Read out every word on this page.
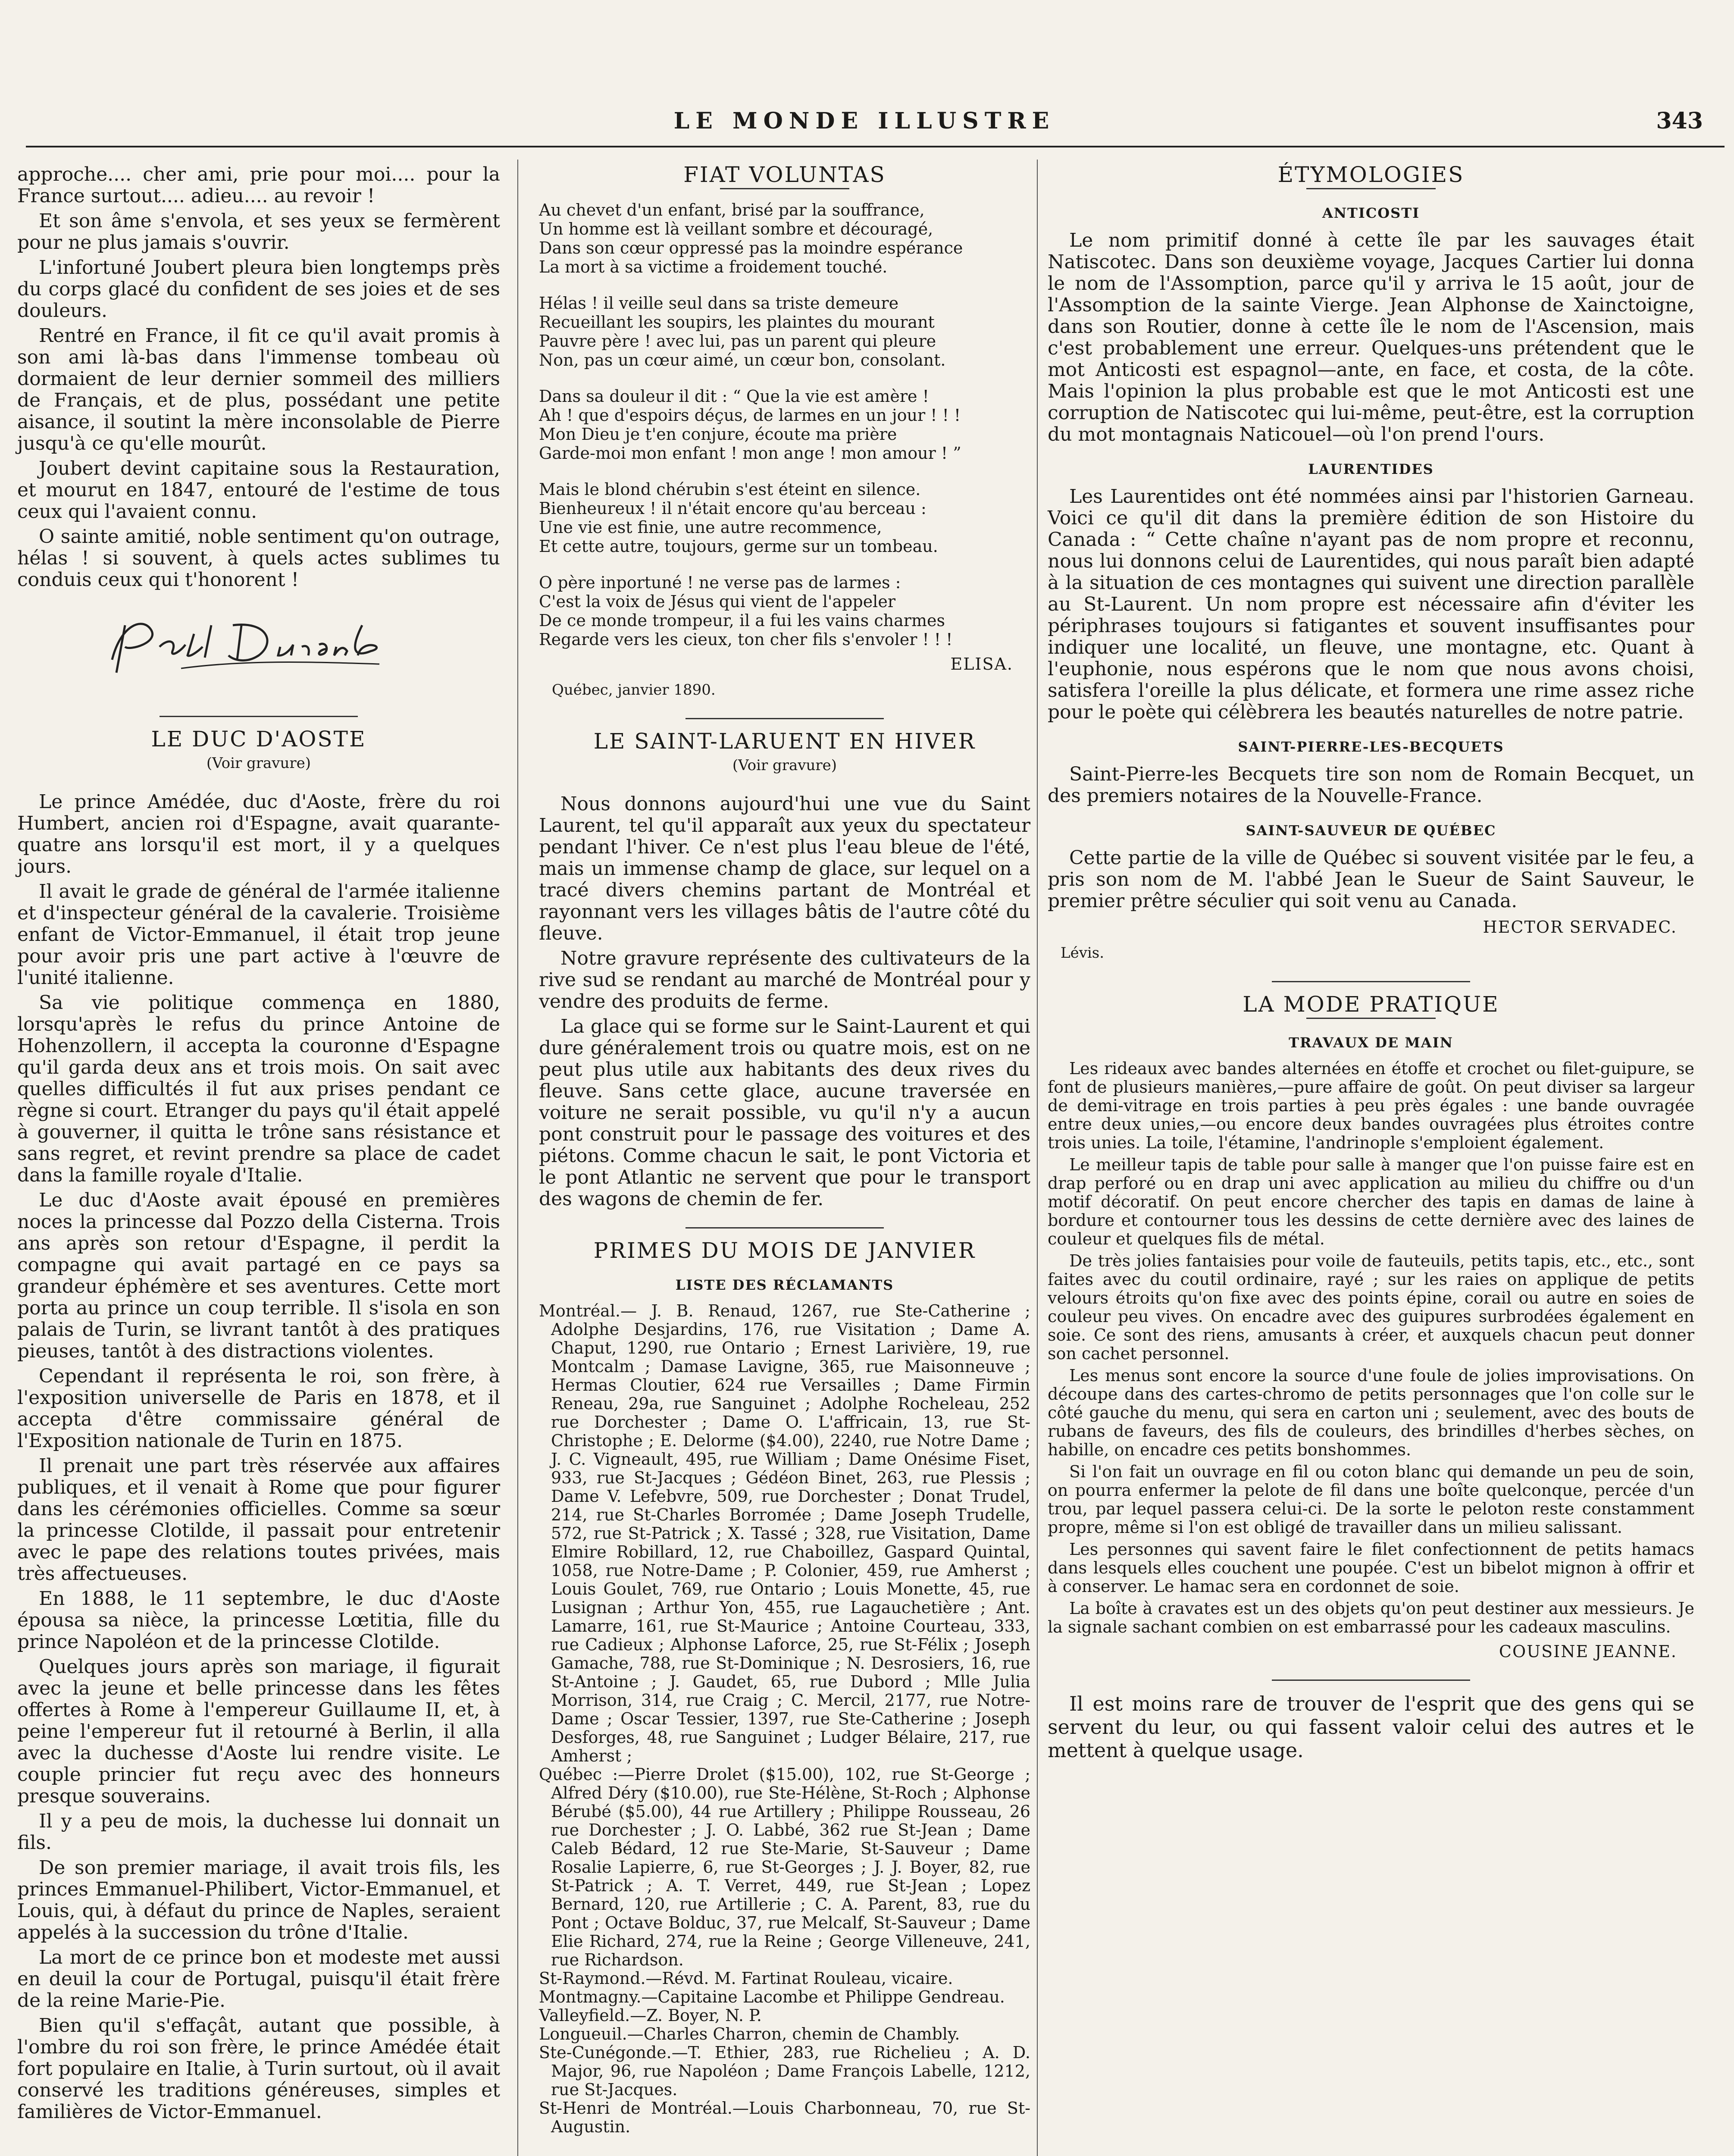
LE MONDE ILLUSTRE	343

approche.... cher ami, prie pour moi.... pour la France surtout.... adieu.... au revoir !

Et son âme s'envola, et ses yeux se fermèrent pour ne plus jamais s'ouvrir.

L'infortuné Joubert pleura bien longtemps près du corps glacé du confident de ses joies et de ses douleurs.

Rentré en France, il fit ce qu'il avait promis à son ami là-bas dans l'immense tombeau où dormaient de leur dernier sommeil des milliers de Français, et de plus, possédant une petite aisance, il soutint la mère inconsolable de Pierre jusqu'à ce qu'elle mourût.

Joubert devint capitaine sous la Restauration, et mourut en 1847, entouré de l'estime de tous ceux qui l'avaient connu.

O sainte amitié, noble sentiment qu'on outrage, hélas ! si souvent, à quels actes sublimes tu conduis ceux qui t'honorent !

LE DUC D'AOSTE
(Voir gravure)

Le prince Amédée, duc d'Aoste, frère du roi Humbert, ancien roi d'Espagne, avait quarante-quatre ans lorsqu'il est mort, il y a quelques jours.

Il avait le grade de général de l'armée italienne et d'inspecteur général de la cavalerie. Troisième enfant de Victor-Emmanuel, il était trop jeune pour avoir pris une part active à l'œuvre de l'unité italienne.

Sa vie politique commença en 1880, lorsqu'après le refus du prince Antoine de Hohenzollern, il accepta la couronne d'Espagne qu'il garda deux ans et trois mois. On sait avec quelles difficultés il fut aux prises pendant ce règne si court. Etranger du pays qu'il était appelé à gouverner, il quitta le trône sans résistance et sans regret, et revint prendre sa place de cadet dans la famille royale d'Italie.

Le duc d'Aoste avait épousé en premières noces la princesse dal Pozzo della Cisterna. Trois ans après son retour d'Espagne, il perdit la compagne qui avait partagé en ce pays sa grandeur éphémère et ses aventures. Cette mort porta au prince un coup terrible. Il s'isola en son palais de Turin, se livrant tantôt à des pratiques pieuses, tantôt à des distractions violentes.

Cependant il représenta le roi, son frère, à l'exposition universelle de Paris en 1878, et il accepta d'être commissaire général de l'Exposition nationale de Turin en 1875.

Il prenait une part très réservée aux affaires publiques, et il venait à Rome que pour figurer dans les cérémonies officielles. Comme sa sœur la princesse Clotilde, il passait pour entretenir avec le pape des relations toutes privées, mais très affectueuses.

En 1888, le 11 septembre, le duc d'Aoste épousa sa nièce, la princesse Lœtitia, fille du prince Napoléon et de la princesse Clotilde.

Quelques jours après son mariage, il figurait avec la jeune et belle princesse dans les fêtes offertes à Rome à l'empereur Guillaume II, et, à peine l'empereur fut il retourné à Berlin, il alla avec la duchesse d'Aoste lui rendre visite. Le couple princier fut reçu avec des honneurs presque souverains.

Il y a peu de mois, la duchesse lui donnait un fils.

De son premier mariage, il avait trois fils, les princes Emmanuel-Philibert, Victor-Emmanuel, et Louis, qui, à défaut du prince de Naples, seraient appelés à la succession du trône d'Italie.

La mort de ce prince bon et modeste met aussi en deuil la cour de Portugal, puisqu'il était frère de la reine Marie-Pie.

Bien qu'il s'effaçât, autant que possible, à l'ombre du roi son frère, le prince Amédée était fort populaire en Italie, à Turin surtout, où il avait conservé les traditions généreuses, simples et familières de Victor-Emmanuel.

FIAT VOLUNTAS
Au chevet d'un enfant, brisé par la souffrance,
Un homme est là veillant sombre et découragé,
Dans son cœur oppressé pas la moindre espérance
La mort à sa victime a froidement touché.
Hélas ! il veille seul dans sa triste demeure
Recueillant les soupirs, les plaintes du mourant
Pauvre père ! avec lui, pas un parent qui pleure
Non, pas un cœur aimé, un cœur bon, consolant.
Dans sa douleur il dit : “ Que la vie est amère !
Ah ! que d'espoirs déçus, de larmes en un jour ! ! !
Mon Dieu je t'en conjure, écoute ma prière
Garde-moi mon enfant ! mon ange ! mon amour ! ”
Mais le blond chérubin s'est éteint en silence.
Bienheureux ! il n'était encore qu'au berceau :
Une vie est finie, une autre recommence,
Et cette autre, toujours, germe sur un tombeau.
O père inportuné ! ne verse pas de larmes :
C'est la voix de Jésus qui vient de l'appeler
De ce monde trompeur, il a fui les vains charmes
Regarde vers les cieux, ton cher fils s'envoler ! ! !
ELISA.
Québec, janvier 1890.
LE SAINT-LARUENT EN HIVER
(Voir gravure)

Nous donnons aujourd'hui une vue du Saint Laurent, tel qu'il apparaît aux yeux du spectateur pendant l'hiver. Ce n'est plus l'eau bleue de l'été, mais un immense champ de glace, sur lequel on a tracé divers chemins partant de Montréal et rayonnant vers les villages bâtis de l'autre côté du fleuve.

Notre gravure représente des cultivateurs de la rive sud se rendant au marché de Montréal pour y vendre des produits de ferme.

La glace qui se forme sur le Saint-Laurent et qui dure généralement trois ou quatre mois, est on ne peut plus utile aux habitants des deux rives du fleuve. Sans cette glace, aucune traversée en voiture ne serait possible, vu qu'il n'y a aucun pont construit pour le passage des voitures et des piétons. Comme chacun le sait, le pont Victoria et le pont Atlantic ne servent que pour le transport des wagons de chemin de fer.

PRIMES DU MOIS DE JANVIER
LISTE DES RÉCLAMANTS
Montréal.— J. B. Renaud, 1267, rue Ste-Catherine ; Adolphe Desjardins, 176, rue Visitation ; Dame A. Chaput, 1290, rue Ontario ; Ernest Larivière, 19, rue Montcalm ; Damase Lavigne, 365, rue Maisonneuve ; Hermas Cloutier, 624 rue Versailles ; Dame Firmin Reneau, 29a, rue Sanguinet ; Adolphe Rocheleau, 252 rue Dorchester ; Dame O. L'affricain, 13, rue St-Christophe ; E. Delorme ($4.00), 2240, rue Notre Dame ; J. C. Vigneault, 495, rue William ; Dame Onésime Fiset, 933, rue St-Jacques ; Gédéon Binet, 263, rue Plessis ; Dame V. Lefebvre, 509, rue Dorchester ; Donat Trudel, 214, rue St-Charles Borromée ; Dame Joseph Trudelle, 572, rue St-Patrick ; X. Tassé ; 328, rue Visitation, Dame Elmire Robillard, 12, rue Chaboillez, Gaspard Quintal, 1058, rue Notre-Dame ; P. Colonier, 459, rue Amherst ; Louis Goulet, 769, rue Ontario ; Louis Monette, 45, rue Lusignan ; Arthur Yon, 455, rue Lagauchetière ; Ant. Lamarre, 161, rue St-Maurice ; Antoine Courteau, 333, rue Cadieux ; Alphonse Laforce, 25, rue St-Félix ; Joseph Gamache, 788, rue St-Dominique ; N. Desrosiers, 16, rue St-Antoine ; J. Gaudet, 65, rue Dubord ; Mlle Julia Morrison, 314, rue Craig ; C. Mercil, 2177, rue Notre-Dame ; Oscar Tessier, 1397, rue Ste-Catherine ; Joseph Desforges, 48, rue Sanguinet ; Ludger Bélaire, 217, rue Amherst ;
Québec :—Pierre Drolet ($15.00), 102, rue St-George ; Alfred Déry ($10.00), rue Ste-Hélène, St-Roch ; Alphonse Bérubé ($5.00), 44 rue Artillery ; Philippe Rousseau, 26 rue Dorchester ; J. O. Labbé, 362 rue St-Jean ; Dame Caleb Bédard, 12 rue Ste-Marie, St-Sauveur ; Dame Rosalie Lapierre, 6, rue St-Georges ; J. J. Boyer, 82, rue St-Patrick ; A. T. Verret, 449, rue St-Jean ; Lopez Bernard, 120, rue Artillerie ; C. A. Parent, 83, rue du Pont ; Octave Bolduc, 37, rue Melcalf, St-Sauveur ; Dame Elie Richard, 274, rue la Reine ; George Villeneuve, 241, rue Richardson.
St-Raymond.—Révd. M. Fartinat Rouleau, vicaire.
Montmagny.—Capitaine Lacombe et Philippe Gendreau.
Valleyfield.—Z. Boyer, N. P.
Longueuil.—Charles Charron, chemin de Chambly.
Ste-Cunégonde.—T. Ethier, 283, rue Richelieu ; A. D. Major, 96, rue Napoléon ; Dame François Labelle, 1212, rue St-Jacques.
St-Henri de Montréal.—Louis Charbonneau, 70, rue St-Augustin.
ÉTYMOLOGIES
ANTICOSTI

Le nom primitif donné à cette île par les sauvages était Natiscotec. Dans son deuxième voyage, Jacques Cartier lui donna le nom de l'Assomption, parce qu'il y arriva le 15 août, jour de l'Assomption de la sainte Vierge. Jean Alphonse de Xainctoigne, dans son Routier, donne à cette île le nom de l'Ascension, mais c'est probablement une erreur. Quelques-uns prétendent que le mot Anticosti est espagnol—ante, en face, et costa, de la côte. Mais l'opinion la plus probable est que le mot Anticosti est une corruption de Natiscotec qui lui-même, peut-être, est la corruption du mot montagnais Naticouel—où l'on prend l'ours.

LAURENTIDES

Les Laurentides ont été nommées ainsi par l'historien Garneau. Voici ce qu'il dit dans la première édition de son Histoire du Canada : “ Cette chaîne n'ayant pas de nom propre et reconnu, nous lui donnons celui de Laurentides, qui nous paraît bien adapté à la situation de ces montagnes qui suivent une direction parallèle au St-Laurent. Un nom propre est nécessaire afin d'éviter les périphrases toujours si fatigantes et souvent insuffisantes pour indiquer une localité, un fleuve, une montagne, etc. Quant à l'euphonie, nous espérons que le nom que nous avons choisi, satisfera l'oreille la plus délicate, et formera une rime assez riche pour le poète qui célèbrera les beautés naturelles de notre patrie.

SAINT-PIERRE-LES-BECQUETS

Saint-Pierre-les Becquets tire son nom de Romain Becquet, un des premiers notaires de la Nouvelle-France.

SAINT-SAUVEUR DE QUÉBEC

Cette partie de la ville de Québec si souvent visitée par le feu, a pris son nom de M. l'abbé Jean le Sueur de Saint Sauveur, le premier prêtre séculier qui soit venu au Canada.

HECTOR SERVADEC.
Lévis.
LA MODE PRATIQUE
TRAVAUX DE MAIN

Les rideaux avec bandes alternées en étoffe et crochet ou filet-guipure, se font de plusieurs manières,—pure affaire de goût. On peut diviser sa largeur de demi-vitrage en trois parties à peu près égales : une bande ouvragée entre deux unies,—ou encore deux bandes ouvragées plus étroites contre trois unies. La toile, l'étamine, l'andrinople s'emploient également.

Le meilleur tapis de table pour salle à manger que l'on puisse faire est en drap perforé ou en drap uni avec application au milieu du chiffre ou d'un motif décoratif. On peut encore chercher des tapis en damas de laine à bordure et contourner tous les dessins de cette dernière avec des laines de couleur et quelques fils de métal.

De très jolies fantaisies pour voile de fauteuils, petits tapis, etc., etc., sont faites avec du coutil ordinaire, rayé ; sur les raies on applique de petits velours étroits qu'on fixe avec des points épine, corail ou autre en soies de couleur peu vives. On encadre avec des guipures surbrodées également en soie. Ce sont des riens, amusants à créer, et auxquels chacun peut donner son cachet personnel.

Les menus sont encore la source d'une foule de jolies improvisations. On découpe dans des cartes-chromo de petits personnages que l'on colle sur le côté gauche du menu, qui sera en carton uni ; seulement, avec des bouts de rubans de faveurs, des fils de couleurs, des brindilles d'herbes sèches, on habille, on encadre ces petits bonshommes.

Si l'on fait un ouvrage en fil ou coton blanc qui demande un peu de soin, on pourra enfermer la pelote de fil dans une boîte quelconque, percée d'un trou, par lequel passera celui-ci. De la sorte le peloton reste constamment propre, même si l'on est obligé de travailler dans un milieu salissant.

Les personnes qui savent faire le filet confectionnent de petits hamacs dans lesquels elles couchent une poupée. C'est un bibelot mignon à offrir et à conserver. Le hamac sera en cordonnet de soie.

La boîte à cravates est un des objets qu'on peut destiner aux messieurs. Je la signale sachant combien on est embarrassé pour les cadeaux masculins.

COUSINE JEANNE.

Il est moins rare de trouver de l'esprit que des gens qui se servent du leur, ou qui fassent valoir celui des autres et le mettent à quelque usage.
